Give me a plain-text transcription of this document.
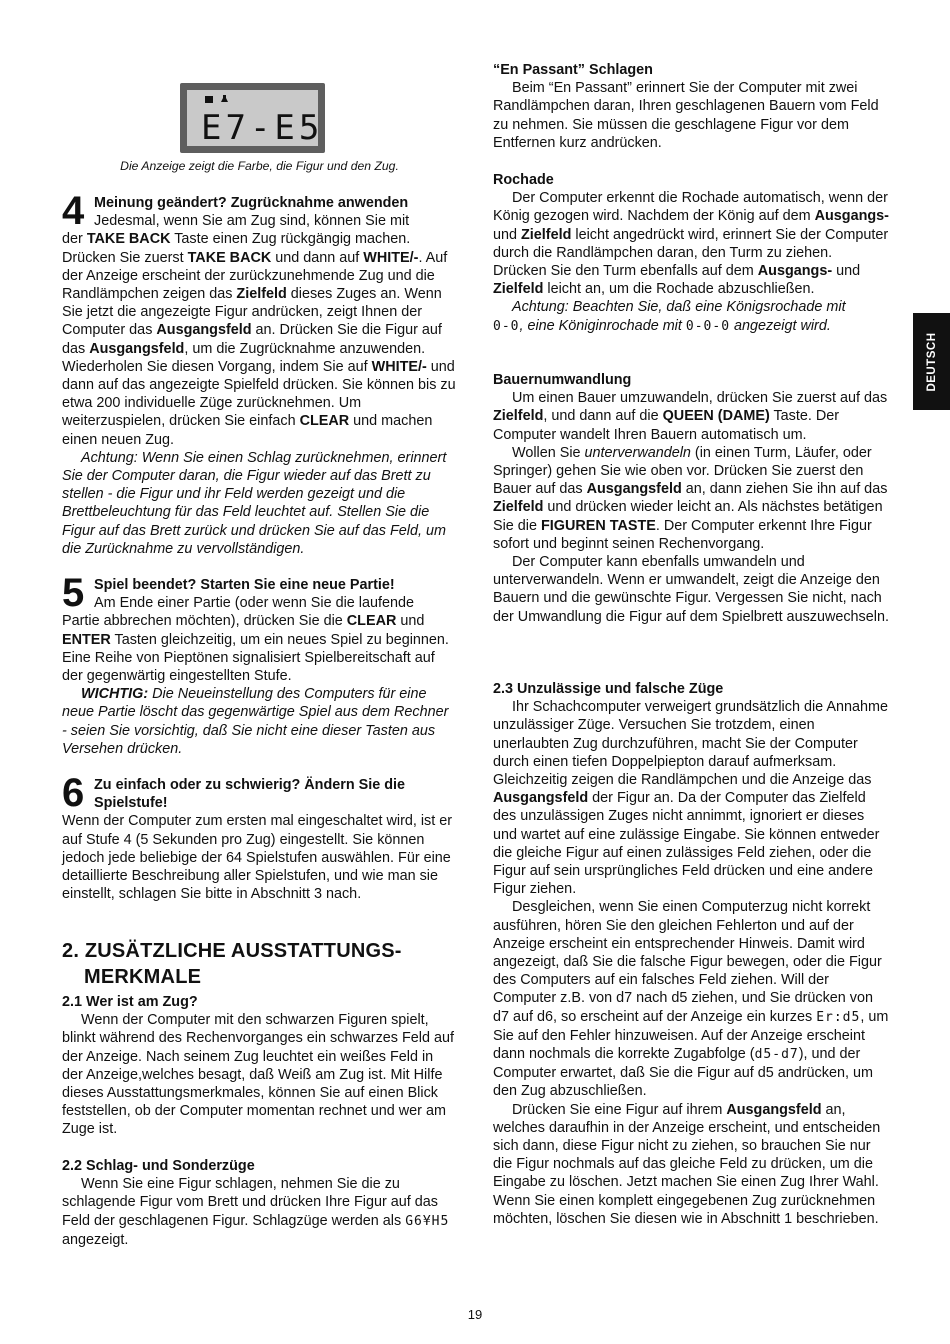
E7-E5

Die Anzeige zeigt die Farbe, die Figur und den Zug.

4 Meinung geändert? Zugrücknahme anwenden

Jedesmal, wenn Sie am Zug sind, können Sie mit

der TAKE BACK Taste einen Zug rückgängig machen. Drücken Sie zuerst TAKE BACK und dann auf WHITE/-. Auf der Anzeige erscheint der zurückzunehmende Zug und die Randlämpchen zeigen das Zielfeld dieses Zuges an. Wenn Sie jetzt die angezeigte Figur andrücken, zeigt Ihnen der Computer das Ausgangsfeld an. Drücken Sie die Figur auf das Ausgangsfeld, um die Zugrücknahme anzuwenden. Wiederholen Sie diesen Vorgang, indem Sie auf WHITE/- und dann auf das angezeigte Spielfeld drücken. Sie können bis zu etwa 200 individuelle Züge zurücknehmen. Um weiterzuspielen, drücken Sie einfach CLEAR und machen einen neuen Zug.

Achtung: Wenn Sie einen Schlag zurücknehmen, erinnert Sie der Computer daran, die Figur wieder auf das Brett zu stellen - die Figur und ihr Feld werden gezeigt und die Brettbeleuchtung für das Feld leuchtet auf. Stellen Sie die Figur auf das Brett zurück und drücken Sie auf das Feld, um die Zurücknahme zu vervollständigen.

5 Spiel beendet? Starten Sie eine neue Partie!

Am Ende einer Partie (oder wenn Sie die laufende

Partie abbrechen möchten), drücken Sie die CLEAR und ENTER Tasten gleichzeitig, um ein neues Spiel zu beginnen. Eine Reihe von Pieptönen signalisiert Spielbereitschaft auf der gegenwärtig eingestellten Stufe.

WICHTIG: Die Neueinstellung des Computers für eine neue Partie löscht das gegenwärtige Spiel aus dem Rechner - seien Sie vorsichtig, daß Sie nicht eine dieser Tasten aus Versehen drücken.

6 Zu einfach oder zu schwierig? Ändern Sie die

Spielstufe!

Wenn der Computer zum ersten mal eingeschaltet wird, ist er auf Stufe 4 (5 Sekunden pro Zug) eingestellt. Sie können jedoch jede beliebige der 64 Spielstufen auswählen. Für eine detaillierte Beschreibung aller Spielstufen, und wie man sie einstellt, schlagen Sie bitte in Abschnitt 3 nach.

2. ZUSÄTZLICHE AUSSTATTUNGS-

MERKMALE

2.1 Wer ist am Zug?

Wenn der Computer mit den schwarzen Figuren spielt, blinkt während des Rechenvorganges ein schwarzes Feld auf der Anzeige. Nach seinem Zug leuchtet ein weißes Feld in der Anzeige,welches besagt, daß Weiß am Zug ist. Mit Hilfe dieses Ausstattungsmerkmales, können Sie auf einen Blick feststellen, ob der Computer momentan rechnet und wer am Zuge ist.

2.2 Schlag- und Sonderzüge

Wenn Sie eine Figur schlagen, nehmen Sie die zu schlagende Figur vom Brett und drücken Ihre Figur auf das Feld der geschlagenen Figur. Schlagzüge werden als G6¥H5 angezeigt.

“En Passant” Schlagen

Beim “En Passant” erinnert Sie der Computer mit zwei Randlämpchen daran, Ihren geschlagenen Bauern vom Feld zu nehmen. Sie müssen die geschlagene Figur vor dem Entfernen kurz andrücken.

Rochade

Der Computer erkennt die Rochade automatisch, wenn der König gezogen wird. Nachdem der König auf dem Ausgangs- und Zielfeld leicht angedrückt wird, erinnert Sie der Computer durch die Randlämpchen daran, den Turm zu ziehen. Drücken Sie den Turm ebenfalls auf dem Ausgangs- und Zielfeld leicht an, um die Rochade abzuschließen.

Achtung: Beachten Sie, daß eine Königsrochade mit
0-0, eine Königinrochade mit 0-0-0 angezeigt wird.

Bauernumwandlung

Um einen Bauer umzuwandeln, drücken Sie zuerst auf das Zielfeld, und dann auf die QUEEN (DAME) Taste. Der Computer wandelt Ihren Bauern automatisch um.

Wollen Sie unterverwandeln (in einen Turm, Läufer, oder Springer) gehen Sie wie oben vor. Drücken Sie zuerst den Bauer auf das Ausgangsfeld an, dann ziehen Sie ihn auf das Zielfeld und drücken wieder leicht an. Als nächstes betätigen Sie die FIGUREN TASTE. Der Computer erkennt Ihre Figur sofort und beginnt seinen Rechenvorgang.

Der Computer kann ebenfalls umwandeln und unterverwandeln. Wenn er umwandelt, zeigt die Anzeige den Bauern und die gewünschte Figur. Vergessen Sie nicht, nach der Umwandlung die Figur auf dem Spielbrett auszuwechseln.

2.3 Unzulässige und falsche Züge

Ihr Schachcomputer verweigert grundsätzlich die Annahme unzulässiger Züge. Versuchen Sie trotzdem, einen unerlaubten Zug durchzuführen, macht Sie der Computer durch einen tiefen Doppelpiepton darauf aufmerksam. Gleichzeitig zeigen die Randlämpchen und die Anzeige das Ausgangsfeld der Figur an. Da der Computer das Zielfeld des unzulässigen Zuges nicht annimmt, ignoriert er dieses und wartet auf eine zulässige Eingabe. Sie können entweder die gleiche Figur auf einen zulässiges Feld ziehen, oder die Figur auf sein ursprüngliches Feld drücken und eine andere Figur ziehen.

Desgleichen, wenn Sie einen Computerzug nicht korrekt ausführen, hören Sie den gleichen Fehlerton und auf der Anzeige erscheint ein entsprechender Hinweis. Damit wird angezeigt, daß Sie die falsche Figur bewegen, oder die Figur des Computers auf ein falsches Feld ziehen. Will der Computer z.B. von d7 nach d5 ziehen, und Sie drücken von d7 auf d6, so erscheint auf der Anzeige ein kurzes Er:d5, um Sie auf den Fehler hinzuweisen. Auf der Anzeige erscheint dann nochmals die korrekte Zugabfolge (d5-d7), und der Computer erwartet, daß Sie die Figur auf d5 andrücken, um den Zug abzuschließen.

Drücken Sie eine Figur auf ihrem Ausgangsfeld an, welches daraufhin in der Anzeige erscheint, und entscheiden sich dann, diese Figur nicht zu ziehen, so brauchen Sie nur die Figur nochmals auf das gleiche Feld zu drücken, um die Eingabe zu löschen. Jetzt machen Sie einen Zug Ihrer Wahl. Wenn Sie einen komplett eingegebenen Zug zurücknehmen möchten, löschen Sie diesen wie in Abschnitt 1 beschrieben.

DEUTSCH
19
